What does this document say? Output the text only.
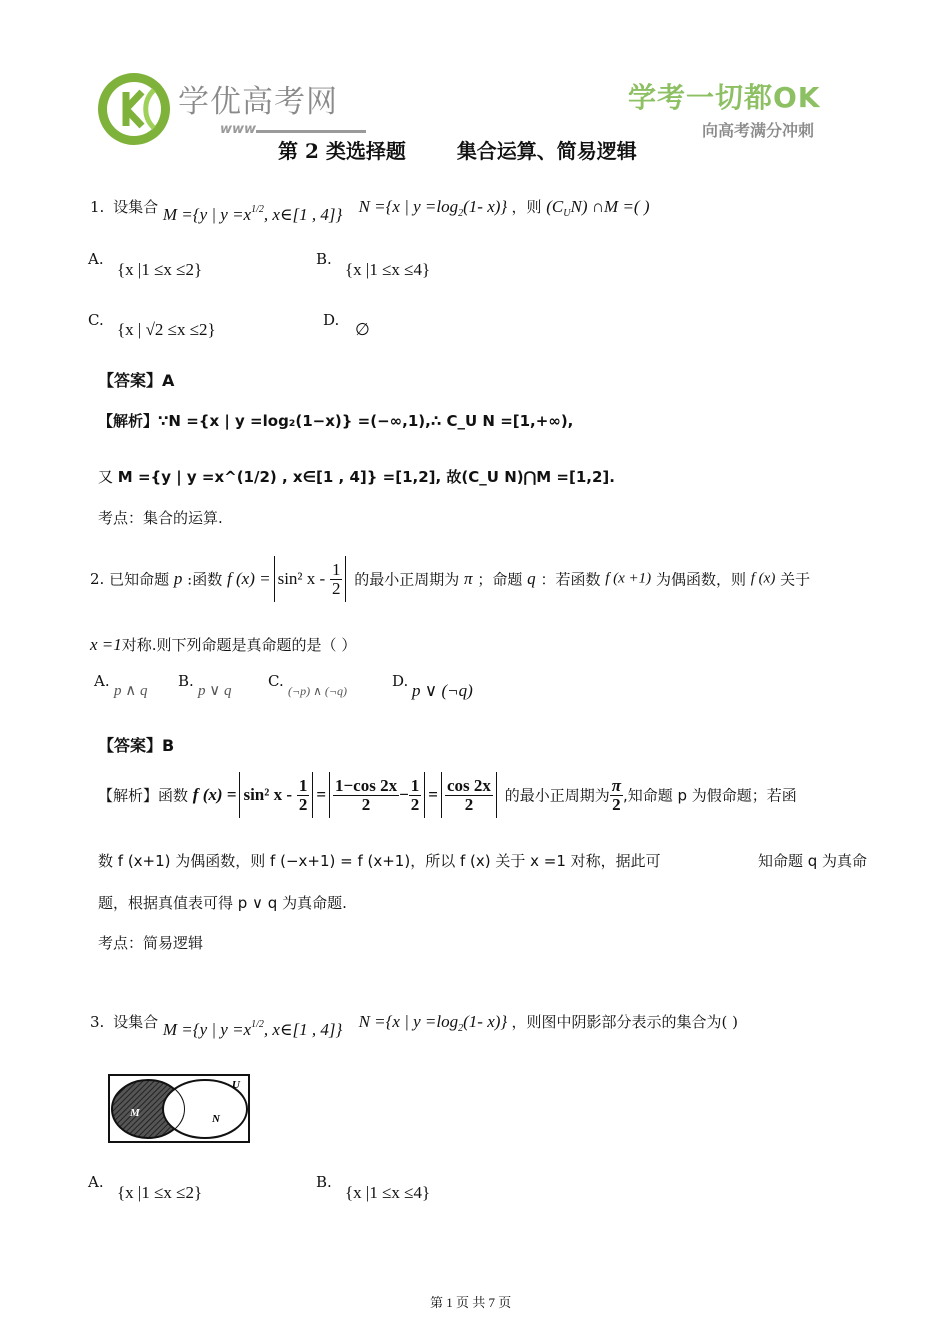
学优高考网
www
学考一切都OK
向高考满分冲刺
第 2 类选择题	集合运算、简易逻辑
1. 设集合 M ={y | $y =x^{1/2}$, x∈[1 , 4]} N ={x | $y =\log_2(1-$ x)} ，则 $(C_UN)$ ∩M =( )
A.
{x |1 ≤x ≤2}
B.
{x |1 ≤x ≤4}
C. {x | √2 ≤x ≤2}	D. ∅
【答案】A
【解析】∵N ={x | y =log₂(1−x)} =(−∞,1),∴ C_U N =[1,+∞),
又 M ={y | y =x^(1/2) , x∈[1 , 4]} =[1,2], 故(C_U N)⋂M =[1,2].
考点：集合的运算.
2. 已知命题 p :函数 f (x) = sin² x - $\frac{1}{2}$ 的最小正周期为 π ；命题 q ：若函数 f (x +1) 为偶函数，则 f (x) 关于
x =1对称.则下列命题是真命题的是（ ）
A.
p ∧ q
B.
p ∨ q
C.
(¬p) ∧ (¬q)
D. p ∨ (¬q)
【答案】B
【解析】函数 f (x) = sin² $x - \frac{1}{2} = \frac{1-\cos 2x}{2} - \frac{1}{2} = \frac{\cos 2x}{2}$ 的最小正周期为 $\frac{\pi}{2}$ ,知命题 p 为假命题；若函
数 f (x+1) 为偶函数，则 f (−x+1) = f (x+1)，所以 f (x) 关于 x =1 对称，据此可	知命题 q 为真命
题，根据真值表可得 p ∨ q 为真命题.
考点：简易逻辑
3. 设集合 M ={y | $y =x^{1/2}$, x∈[1 , 4]} N ={x | $y =\log_2(1-$ x)} ，则图中阴影部分表示的集合为( )
U
M	N
A.
{x |1 ≤x ≤2}
B.
{x |1 ≤x ≤4}
第 1 页 共 7 页
